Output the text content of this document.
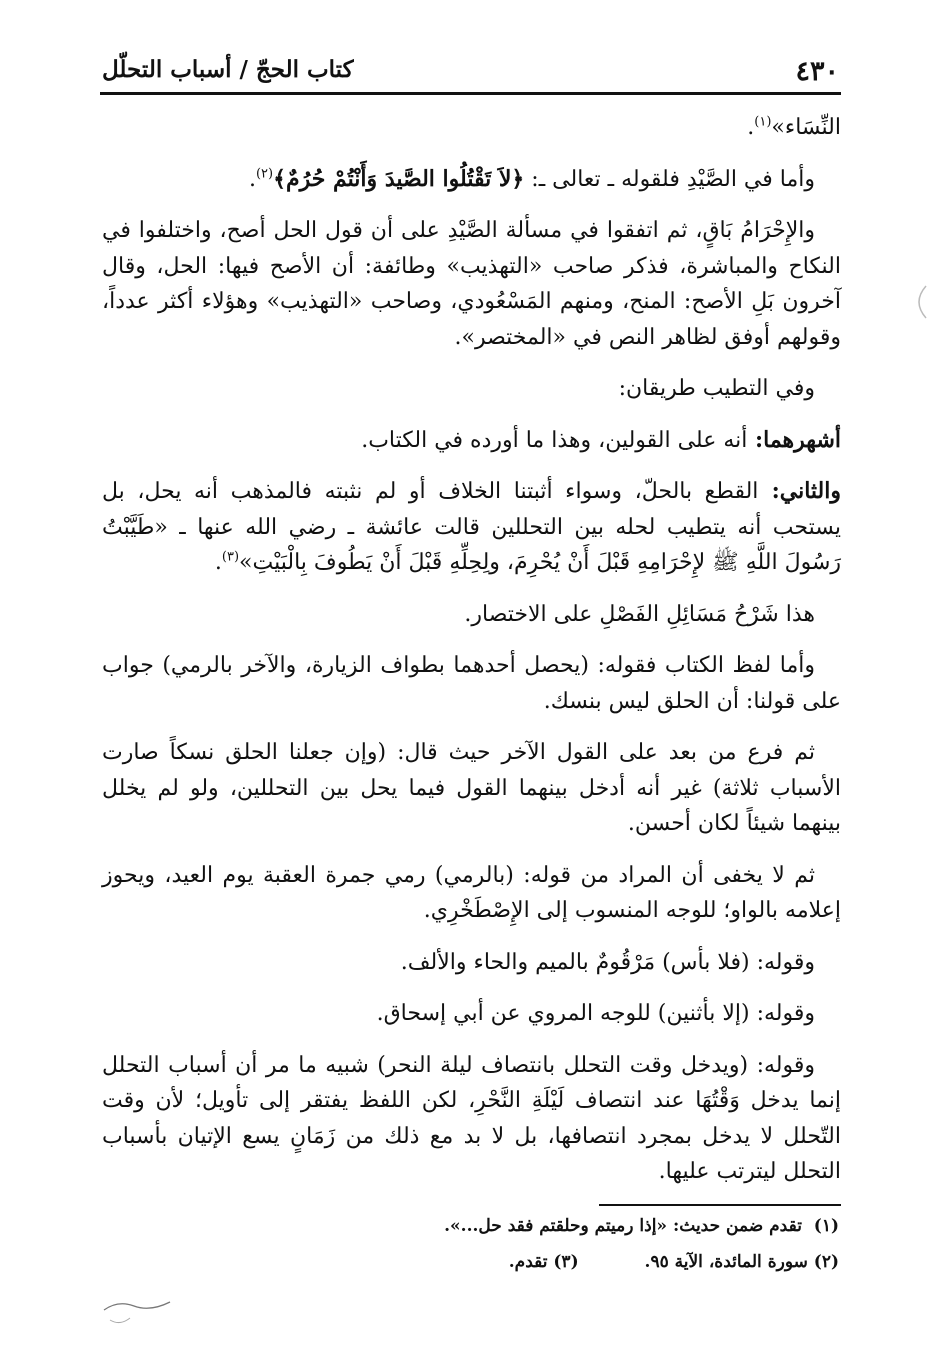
٤٣٠
كتاب الحجّ / أسباب التحلّل

النِّسَاء»$^{(١)}$.

وأما في الصَّيْدِ فلقوله ـ تعالى ـ: ﴿لاَ تَقْتُلُوا الصَّيدَ وَأَنْتُمْ حُرُمٌ﴾$^{(٢)}$.

والإِحْرَامُ بَاقٍ، ثم اتفقوا في مسألة الصَّيْدِ على أن قول الحل أصح، واختلفوا في النكاح والمباشرة، فذكر صاحب «التهذيب» وطائفة: أن الأصح فيها: الحل، وقال آخرون بَلِ الأصح: المنح، ومنهم المَسْعُودي، وصاحب «التهذيب» وهؤلاء أكثر عدداً، وقولهم أوفق لظاهر النص في «المختصر».

وفي التطيب طريقان:

أشهرهما: أنه على القولين، وهذا ما أورده في الكتاب.

والثاني: القطع بالحلّ، وسواء أثبتنا الخلاف أو لم نثبته فالمذهب أنه يحل، بل يستحب أنه يتطيب لحله بين التحللين قالت عائشة ـ رضي الله عنها ـ «طَيَّبْتُ رَسُولَ اللَّهِ ﷺ لإِحْرَامِهِ قَبْلَ أَنْ يُحْرِمَ، ولِحِلِّهِ قَبْلَ أَنْ يَطُوفَ بِالْبَيْتِ»$^{(٣)}$.

هذا شَرْحُ مَسَائِلِ الفَصْلِ على الاختصار.

وأما لفظ الكتاب فقوله: (يحصل أحدهما بطواف الزيارة، والآخر بالرمي) جواب على قولنا: أن الحلق ليس بنسك.

ثم فرع من بعد على القول الآخر حيث قال: (وإن جعلنا الحلق نسكاً صارت الأسباب ثلاثة) غير أنه أدخل بينهما القول فيما يحل بين التحللين، ولو لم يخلل بينهما شيئاً لكان أحسن.

ثم لا يخفى أن المراد من قوله: (بالرمي) رمي جمرة العقبة يوم العيد، ويحوز إعلامه بالواو؛ للوجه المنسوب إلى الإِصْطَخْرِي.

وقوله: (فلا بأس) مَرْقُومٌ بالميم والحاء والألف.

وقوله: (إلا بأثنين) للوجه المروي عن أبي إسحاق.

وقوله: (ويدخل وقت التحلل بانتصاف ليلة النحر) شبيه ما مر أن أسباب التحلل إنما يدخل وَقْتُهَا عند انتصاف لَيْلَةِ النَّحْرِ، لكن اللفظ يفتقر إلى تأويل؛ لأن وقت التّحلل لا يدخل بمجرد انتصافها، بل لا بد مع ذلك من زَمَانٍ يسع الإتيان بأسباب التحلل ليترتب عليها.

(١)  تقدم ضمن حديث: «إذا رميتم وحلقتم فقد حل...».
(٢) سورة المائدة، الآية ٩٥. (٣) تقدم.
